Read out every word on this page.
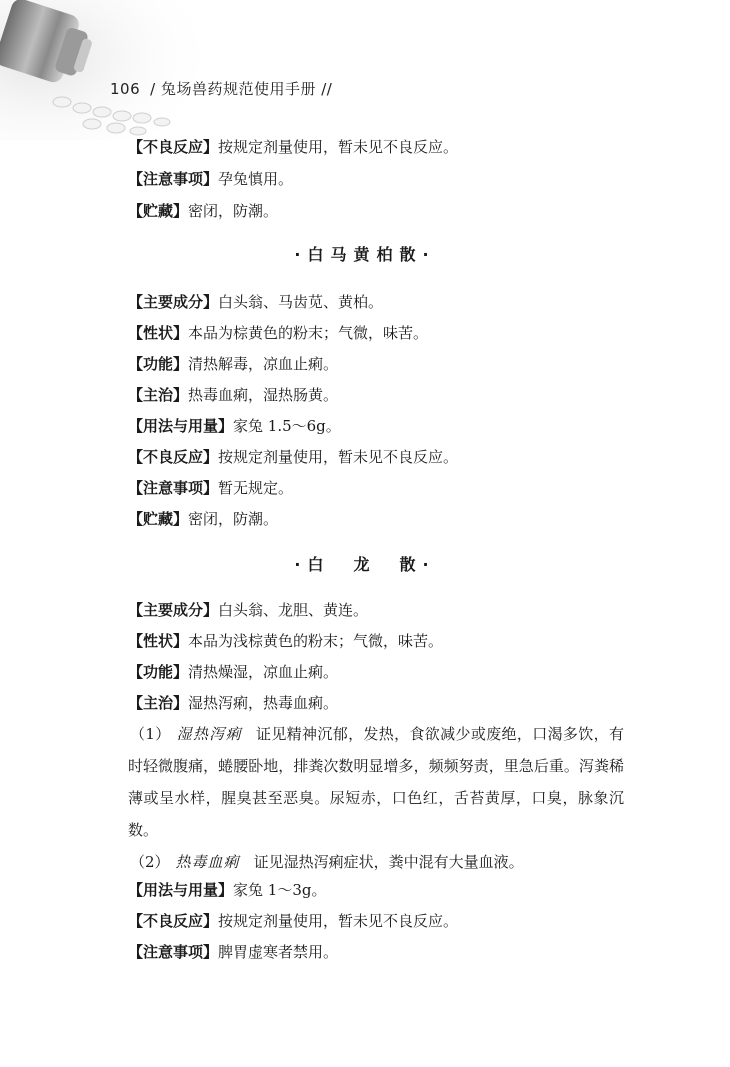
106 / 兔场兽药规范使用手册 //
【不良反应】按规定剂量使用，暂未见不良反应。
【注意事项】孕兔慎用。
【贮藏】密闭，防潮。
·白马黄柏散·
【主要成分】白头翁、马齿苋、黄柏。
【性状】本品为棕黄色的粉末；气微，味苦。
【功能】清热解毒，凉血止痢。
【主治】热毒血痢，湿热肠黄。
【用法与用量】家兔 1.5～6g。
【不良反应】按规定剂量使用，暂未见不良反应。
【注意事项】暂无规定。
【贮藏】密闭，防潮。
·白　龙　散·
【主要成分】白头翁、龙胆、黄连。
【性状】本品为浅棕黄色的粉末；气微，味苦。
【功能】清热燥湿，凉血止痢。
【主治】湿热泻痢，热毒血痢。
（1） 湿热泻痢 证见精神沉郁，发热，食欲减少或废绝，口渴多饮，有时轻微腹痛，蜷腰卧地，排粪次数明显增多，频频努责，里急后重。泻粪稀薄或呈水样，腥臭甚至恶臭。尿短赤，口色红，舌苔黄厚，口臭，脉象沉数。
（2） 热毒血痢 证见湿热泻痢症状，粪中混有大量血液。
【用法与用量】家兔 1～3g。
【不良反应】按规定剂量使用，暂未见不良反应。
【注意事项】脾胃虚寒者禁用。
